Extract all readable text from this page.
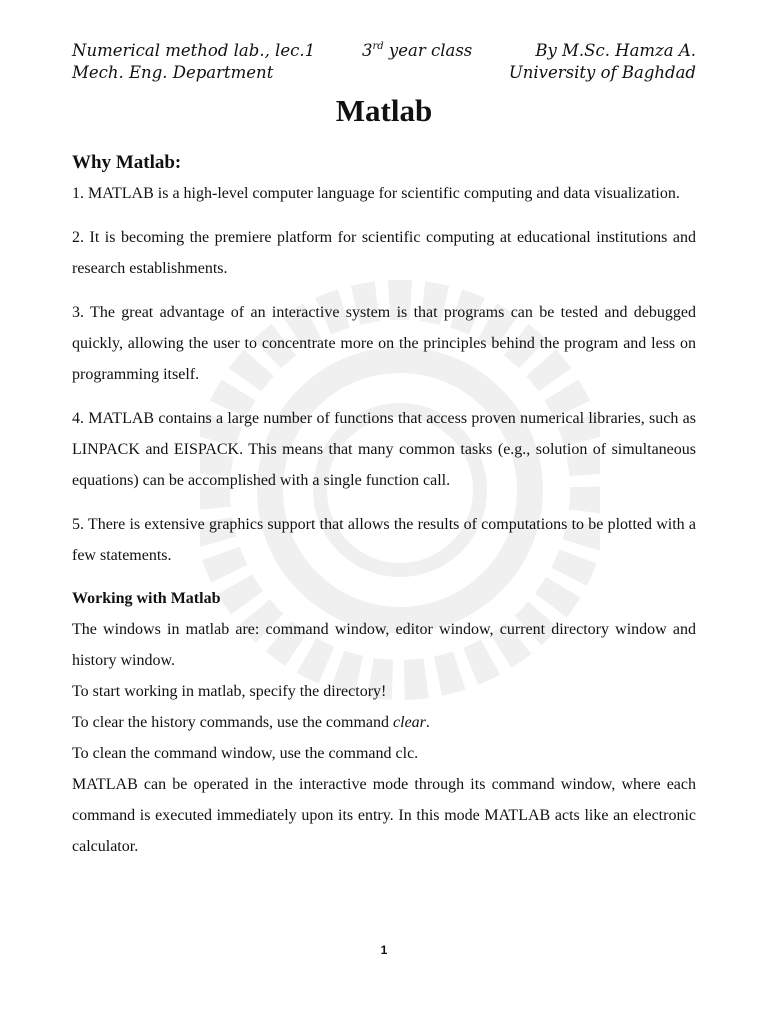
Numerical method lab., lec.1	3rd year class	By M.Sc. Hamza A.
Mech. Eng. Department	University of Baghdad
Matlab
Why Matlab:

1. MATLAB is a high-level computer language for scientific computing and data visualization.

2. It is becoming the premiere platform for scientific computing at educational institutions and research establishments.

3. The great advantage of an interactive system is that programs can be tested and debugged quickly, allowing the user to concentrate more on the principles behind the program and less on programming itself.

4. MATLAB contains a large number of functions that access proven numerical libraries, such as LINPACK and EISPACK. This means that many common tasks (e.g., solution of simultaneous equations) can be accomplished with a single function call.

5. There is extensive graphics support that allows the results of computations to be plotted with a few statements.

Working with Matlab

The windows in matlab are: command window, editor window, current directory window and history window.

To start working in matlab, specify the directory!

To clear the history commands, use the command clear.

To clean the command window, use the command clc.

MATLAB can be operated in the interactive mode through its command window, where each command is executed immediately upon its entry. In this mode MATLAB acts like an electronic calculator.

1
